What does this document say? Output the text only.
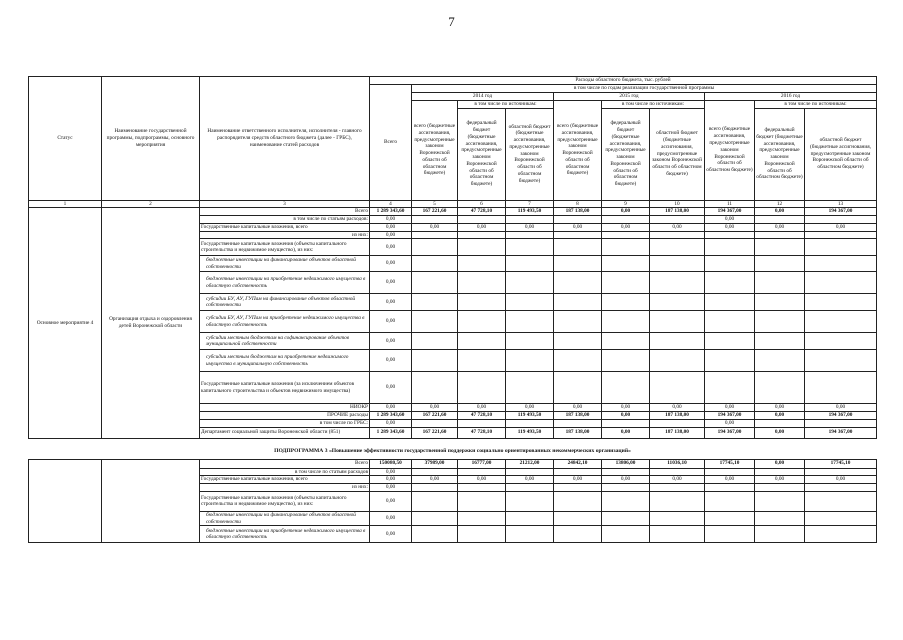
7
Статус	Наименование государственной программы, подпрограммы, основного мероприятия	Наименование ответственного исполнителя, исполнителя - главного распорядителя средств областного бюджета (далее - ГРБС), наименование статей расходов	Расходы областного бюджета, тыс. рублей									
			Всего	в том числе по годам реализации государственной программы								
				2014 год			2015 год			2016 год		
				всего (бюджетные ассигнования, предусмотренные законом Воронежской области об областном бюджете)	в том числе по источникам:		всего (бюджетные ассигнования, предусмотренные законом Воронежской области об областном бюджете)	в том числе по источникам:		всего (бюджетные ассигнования, предусмотренные законом Воронежской области об областном бюджете)	в том числе по источникам:	
					федеральный бюджет (бюджетные ассигнования, предусмотренные законом Воронежской области об областном бюджете)	областной бюджет (бюджетные ассигнования, предусмотренные законом Воронежской области об областном бюджете)		федеральный бюджет (бюджетные ассигнования, предусмотренные законом Воронежской области об областном бюджете)	областной бюджет (бюджетные ассигнования, предусмотренные законом Воронежской области об областном бюджете)		федеральный бюджет (бюджетные ассигнования, предусмотренные законом Воронежской области об областном бюджете)	областной бюджет (бюджетные ассигнования, предусмотренные законом Воронежской области об областном бюджете)
1	2	3	4	5	6	7	8	9	10	11	12	13
Основное мероприятие 4	Организация отдыха и оздоровления детей Воронежской области	Всего	1 289 343,60	167 221,60	47 728,10	119 493,50	187 138,00	0,00	187 138,00	194 367,00	0,00	194 367,00
		в том числе по статьям расходов:	0,00							0,00		
		Государственные капитальные вложения, всего	0,00	0,00	0,00	0,00	0,00	0,00	0,00	0,00	0,00	0,00
		из них:	0,00									
		Государственные капитальные вложения (объекты капитального строительства и недвижимое имущество), из них:	0,00									
		бюджетные инвестиции на финансирование объектов областной собственности	0,00									
		бюджетные инвестиции на приобретение недвижимого имущества в областную собственность	0,00									
		субсидии БУ, АУ, ГУПам на финансирование объектов областной собственности	0,00									
		субсидии БУ, АУ, ГУПам на приобретение недвижимого имущества в областную собственность	0,00									
		субсидии местным бюджетам на софинансирование объектов муниципальной собственности	0,00									
		субсидии местным бюджетам на приобретение недвижимого имущества в муниципальную собственность	0,00									
		Государственные капитальные вложения (за исключением объектов капитального строительства и объектов недвижимого имущества)	0,00									
		НИОКР	0,00	0,00	0,00	0,00	0,00	0,00	0,00	0,00	0,00	0,00
		ПРОЧИЕ расходы	1 289 343,60	167 221,60	47 728,10	119 493,50	187 138,00	0,00	187 138,00	194 367,00	0,00	194 367,00
		в том числе по ГРБС:	0,00							0,00		
		Департамент социальной защиты Воронежской области (851)	1 289 343,60	167 221,60	47 728,10	119 493,50	187 138,00	0,00	187 138,00	194 367,00	0,00	194 367,00

ПОДПРОГРАММА 3 «Повышение эффективности государственной поддержки социально ориентированных некоммерческих организаций»												
		Всего	150080,50	37989,00	16777,00	21212,00	24842,10	13806,00	11036,10	17745,10	0,00	17745,10
		в том числе по статьям расходов	0,00									
		Государственные капитальные вложения, всего	0,00	0,00	0,00	0,00	0,00	0,00	0,00	0,00	0,00	0,00
		из них:	0,00									
		Государственные капитальные вложения (объекты капитального строительства и недвижимое имущество), из них:	0,00									
		бюджетные инвестиции на финансирование объектов областной собственности	0,00									
		бюджетные инвестиции на приобретение недвижимого имущества в областную собственность	0,00									
